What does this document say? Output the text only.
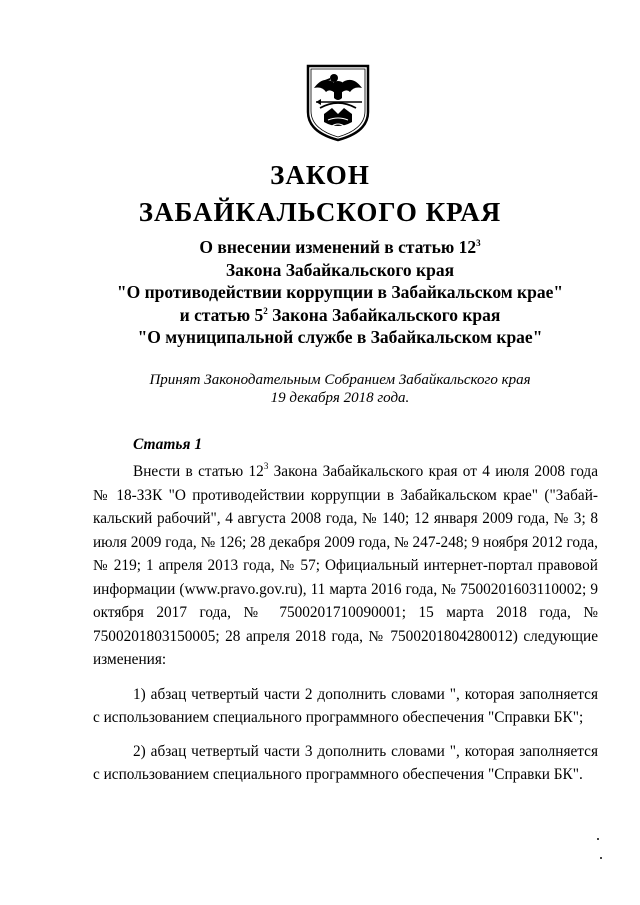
ЗАКОН
ЗАБАЙКАЛЬСКОГО КРАЯ
О внесении изменений в статью $12^3$
Закона Забайкальского края
"О противодействии коррупции в Забайкальском крае"
и статью $5^2$ Закона Забайкальского края
"О муниципальной службе в Забайкальском крае"
Принят Законодательным Собранием Забайкальского края
19 декабря 2018 года.
Статья 1

Внести в статью $12^3$ Закона Забайкальского края от 4 июля 2008 года № 18-ЗЗК "О противодействии коррупции в Забайкальском крае" ("Забай-кальский рабочий", 4 августа 2008 года, № 140; 12 января 2009 года, № 3; 8 июля 2009 года, № 126; 28 декабря 2009 года, № 247-248; 9 ноября 2012 года, № 219; 1 апреля 2013 года, № 57; Официальный интернет-портал правовой информации (www.pravo.gov.ru), 11 марта 2016 года, № 7500201603110002; 9 октября 2017 года, № 7500201710090001; 15 марта 2018 года, № 7500201803150005; 28 апреля 2018 года, № 7500201804280012) следующие изменения:

1) абзац четвертый части 2 дополнить словами ", которая заполняется с использованием специального программного обеспечения "Справки БК";

2) абзац четвертый части 3 дополнить словами ", которая заполняется с использованием специального программного обеспечения "Справки БК".
